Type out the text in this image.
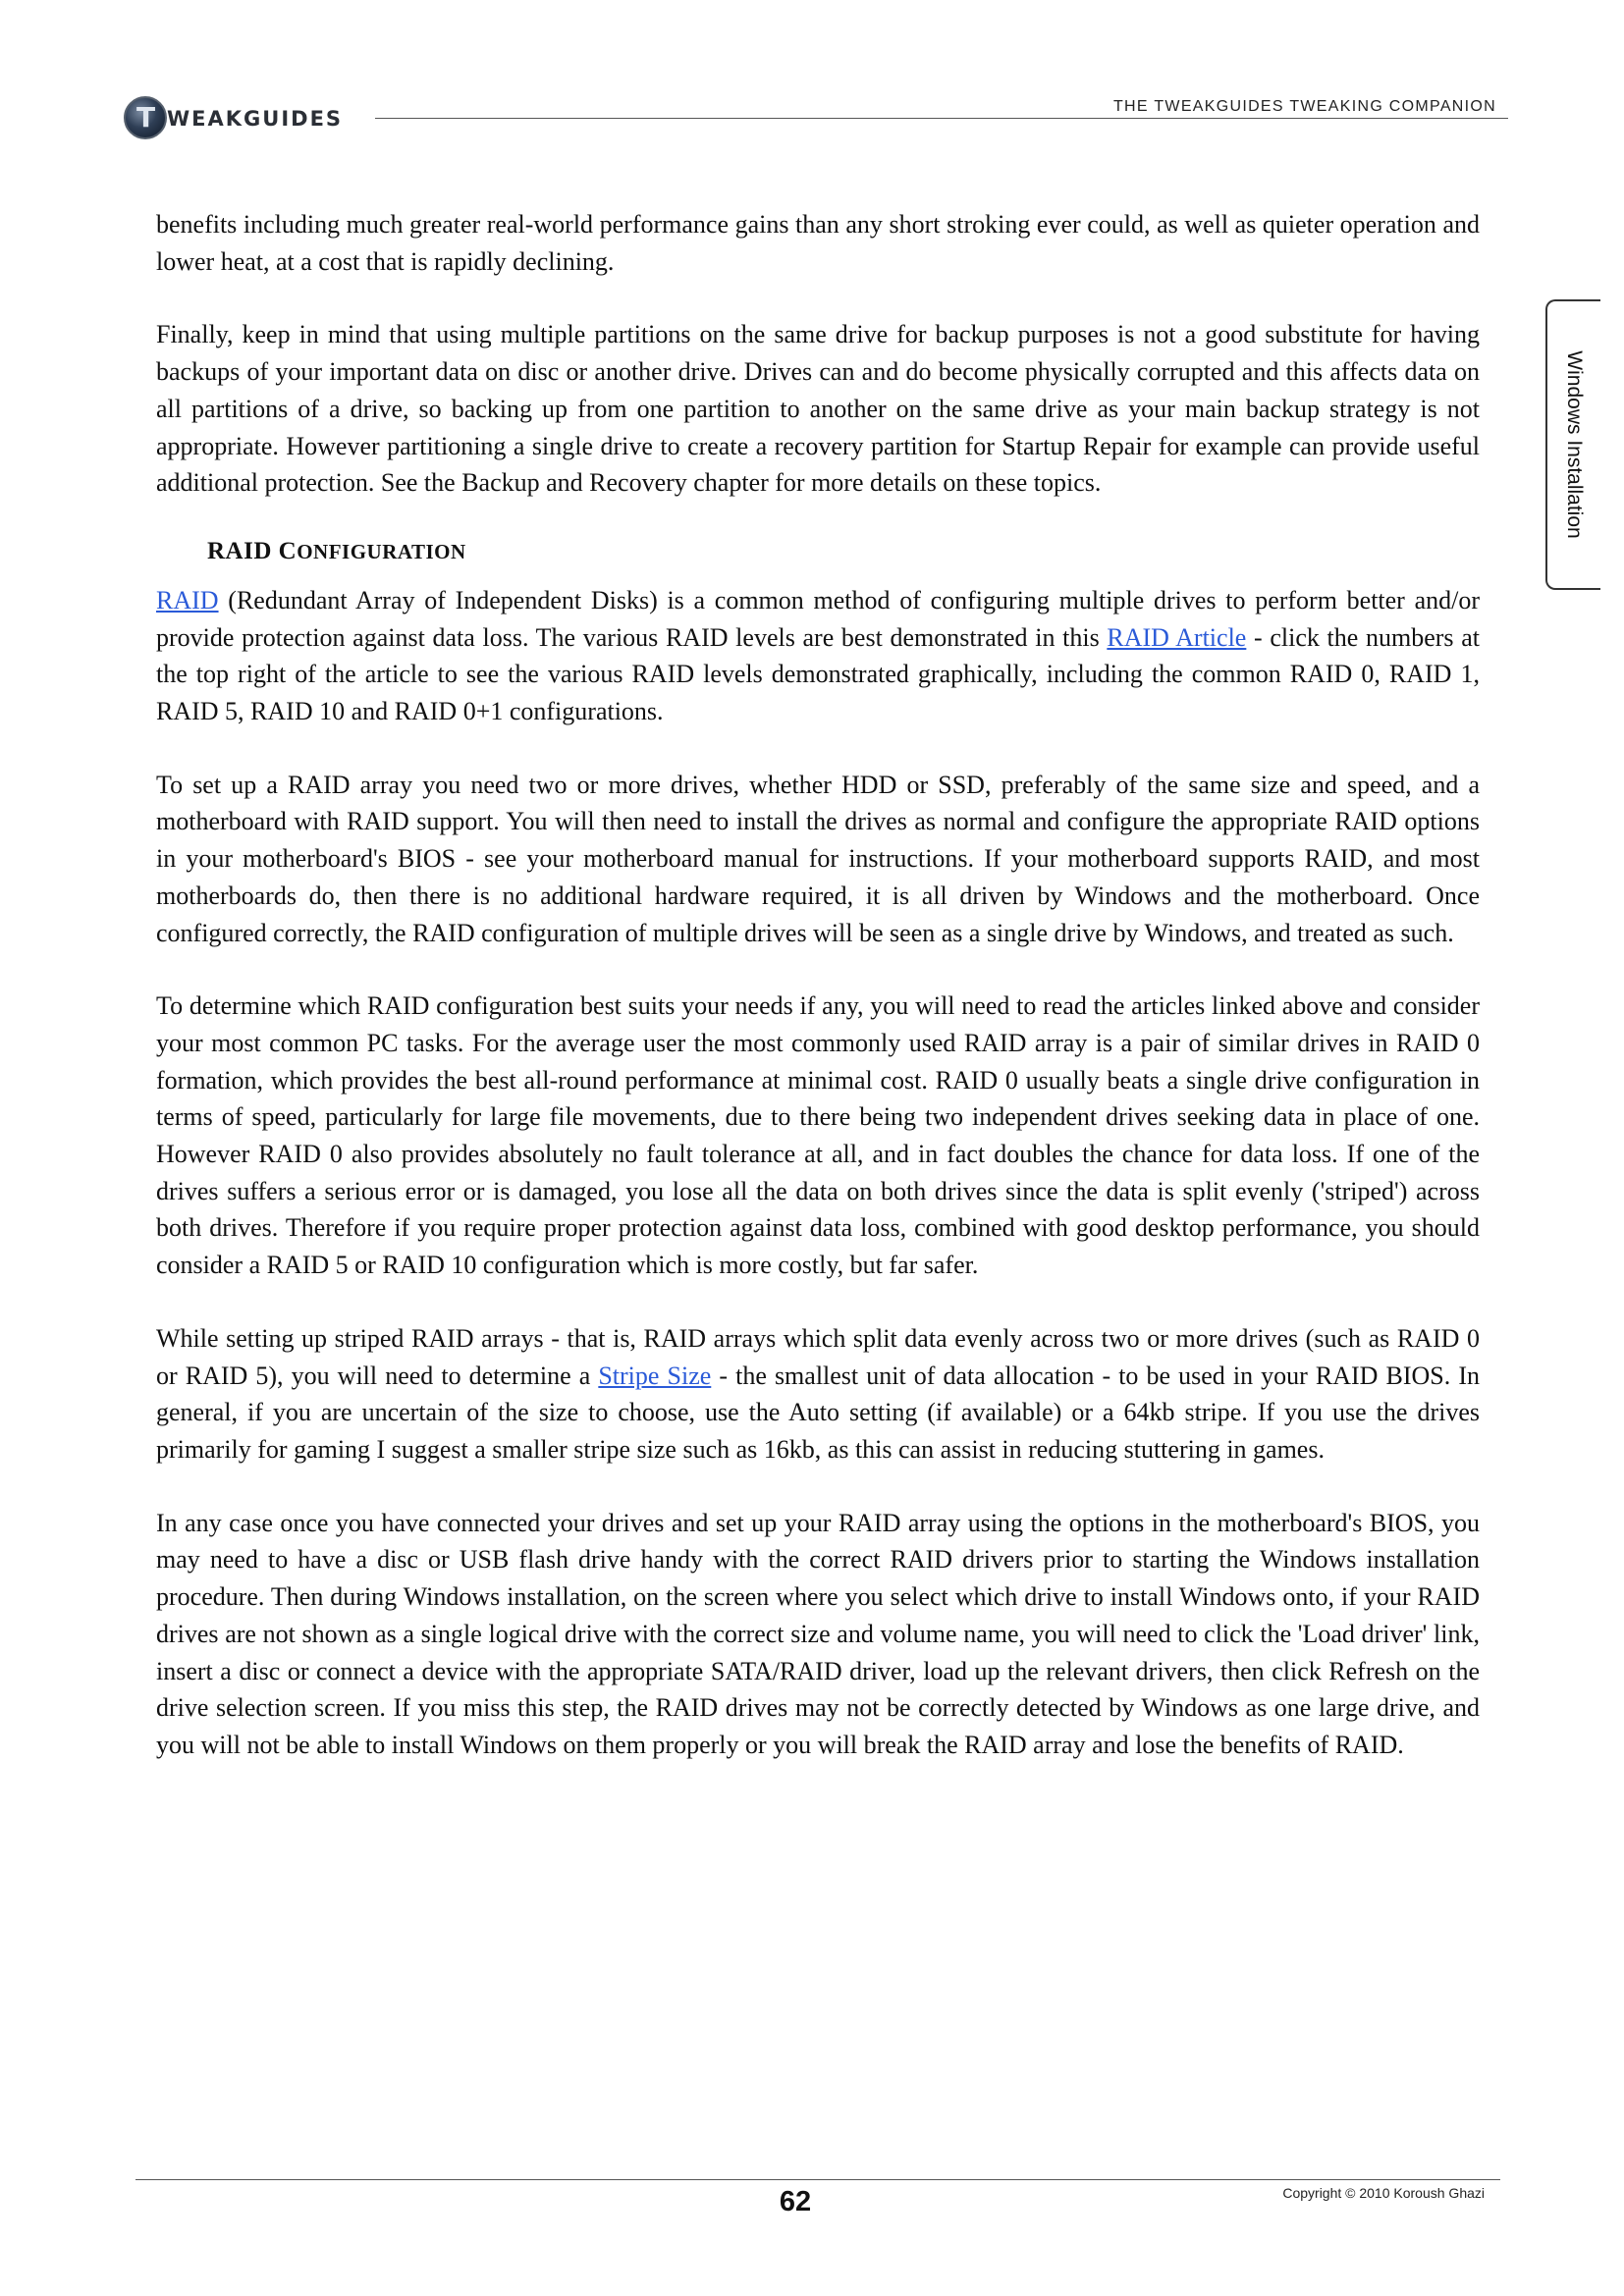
T
WEAKGUIDES
THE TWEAKGUIDES TWEAKING COMPANION
Windows Installation

benefits including much greater real-world performance gains than any short stroking ever could, as well as quieter operation and lower heat, at a cost that is rapidly declining.

Finally, keep in mind that using multiple partitions on the same drive for backup purposes is not a good substitute for having backups of your important data on disc or another drive. Drives can and do become physically corrupted and this affects data on all partitions of a drive, so backing up from one partition to another on the same drive as your main backup strategy is not appropriate. However partitioning a single drive to create a recovery partition for Startup Repair for example can provide useful additional protection. See the Backup and Recovery chapter for more details on these topics.

RAID CONFIGURATION

RAID (Redundant Array of Independent Disks) is a common method of configuring multiple drives to perform better and/or provide protection against data loss. The various RAID levels are best demonstrated in this RAID Article - click the numbers at the top right of the article to see the various RAID levels demonstrated graphically, including the common RAID 0, RAID 1, RAID 5, RAID 10 and RAID 0+1 configurations.

To set up a RAID array you need two or more drives, whether HDD or SSD, preferably of the same size and speed, and a motherboard with RAID support. You will then need to install the drives as normal and configure the appropriate RAID options in your motherboard's BIOS - see your motherboard manual for instructions. If your motherboard supports RAID, and most motherboards do, then there is no additional hardware required, it is all driven by Windows and the motherboard. Once configured correctly, the RAID configuration of multiple drives will be seen as a single drive by Windows, and treated as such.

To determine which RAID configuration best suits your needs if any, you will need to read the articles linked above and consider your most common PC tasks. For the average user the most commonly used RAID array is a pair of similar drives in RAID 0 formation, which provides the best all-round performance at minimal cost. RAID 0 usually beats a single drive configuration in terms of speed, particularly for large file movements, due to there being two independent drives seeking data in place of one. However RAID 0 also provides absolutely no fault tolerance at all, and in fact doubles the chance for data loss. If one of the drives suffers a serious error or is damaged, you lose all the data on both drives since the data is split evenly ('striped') across both drives. Therefore if you require proper protection against data loss, combined with good desktop performance, you should consider a RAID 5 or RAID 10 configuration which is more costly, but far safer.

While setting up striped RAID arrays - that is, RAID arrays which split data evenly across two or more drives (such as RAID 0 or RAID 5), you will need to determine a Stripe Size - the smallest unit of data allocation - to be used in your RAID BIOS. In general, if you are uncertain of the size to choose, use the Auto setting (if available) or a 64kb stripe. If you use the drives primarily for gaming I suggest a smaller stripe size such as 16kb, as this can assist in reducing stuttering in games.

In any case once you have connected your drives and set up your RAID array using the options in the motherboard's BIOS, you may need to have a disc or USB flash drive handy with the correct RAID drivers prior to starting the Windows installation procedure. Then during Windows installation, on the screen where you select which drive to install Windows onto, if your RAID drives are not shown as a single logical drive with the correct size and volume name, you will need to click the 'Load driver' link, insert a disc or connect a device with the appropriate SATA/RAID driver, load up the relevant drivers, then click Refresh on the drive selection screen. If you miss this step, the RAID drives may not be correctly detected by Windows as one large drive, and you will not be able to install Windows on them properly or you will break the RAID array and lose the benefits of RAID.

62	Copyright © 2010 Koroush Ghazi
